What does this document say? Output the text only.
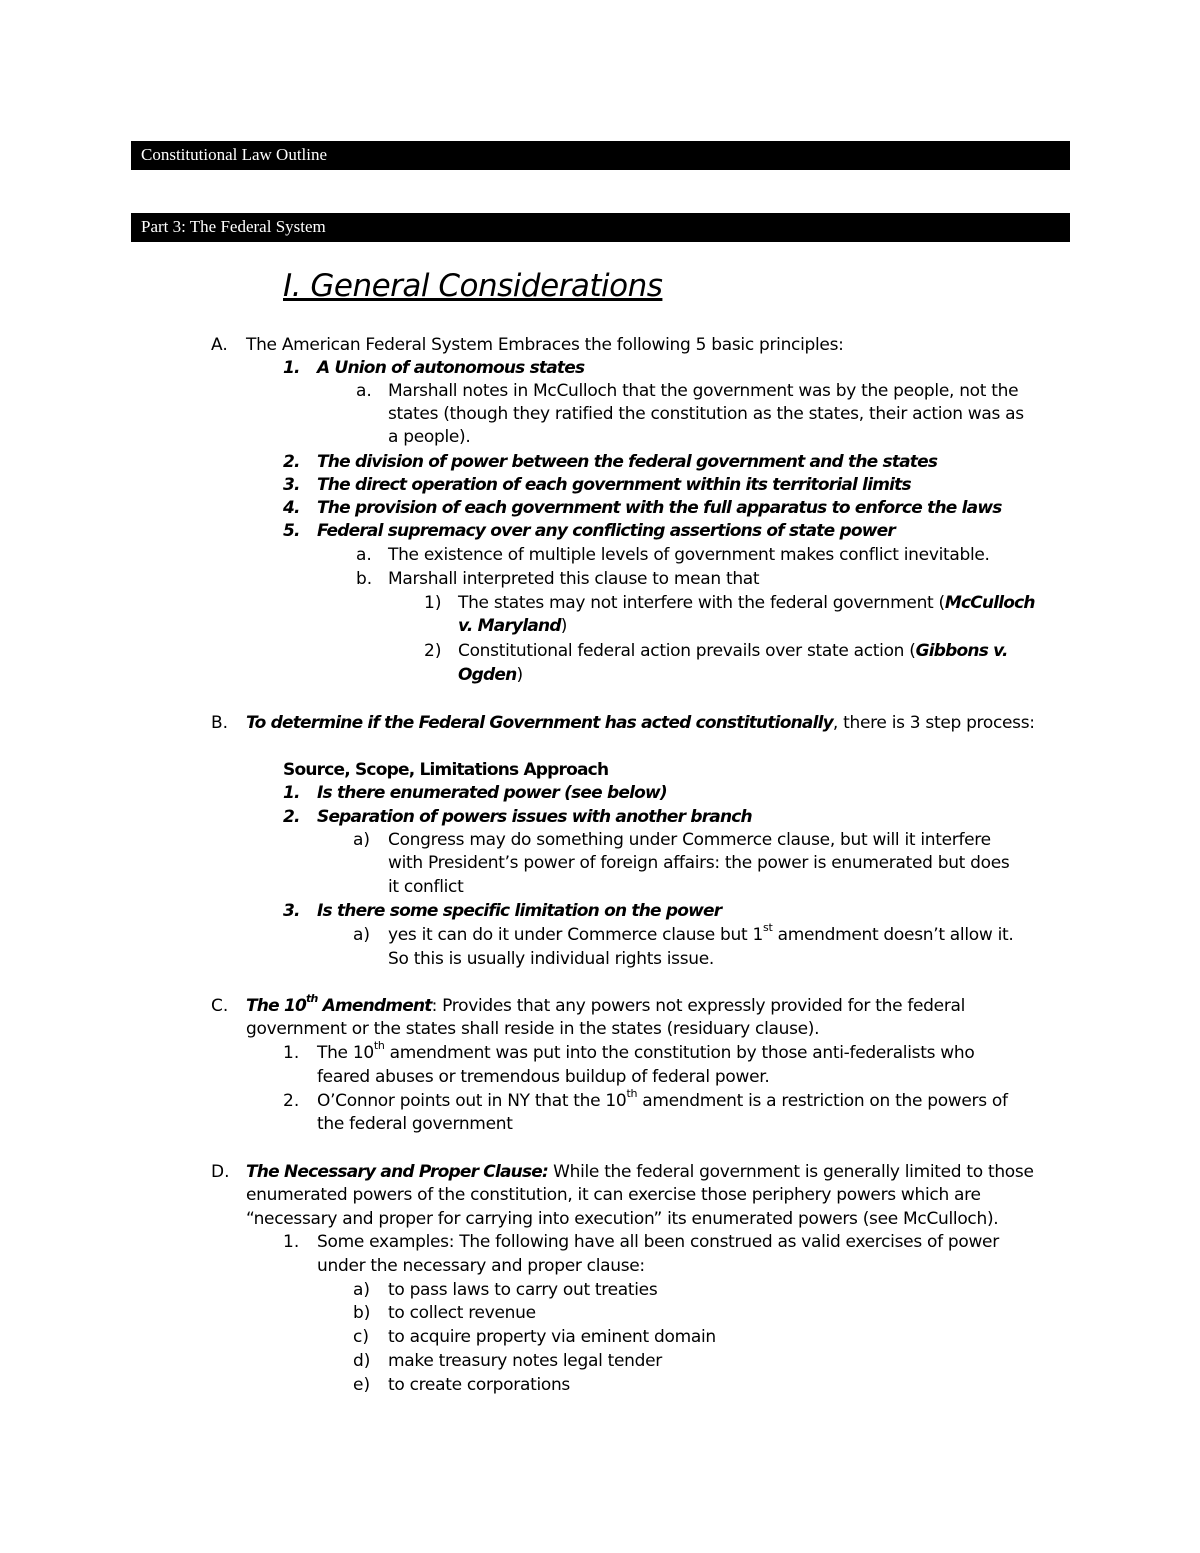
Constitutional Law Outline
Part 3: The Federal System
I. General Considerations
A. The American Federal System Embraces the following 5 basic principles:
1. A Union of autonomous states
a. Marshall notes in McCulloch that the government was by the people, not the
states (though they ratified the constitution as the states, their action was as
a people).
2. The division of power between the federal government and the states
3. The direct operation of each government within its territorial limits
4. The provision of each government with the full apparatus to enforce the laws
5. Federal supremacy over any conflicting assertions of state power
a. The existence of multiple levels of government makes conflict inevitable.
b. Marshall interpreted this clause to mean that
1) The states may not interfere with the federal government (McCulloch
v. Maryland)
2) Constitutional federal action prevails over state action (Gibbons v.
Ogden)
B. To determine if the Federal Government has acted constitutionally, there is 3 step process:
Source, Scope, Limitations Approach
1. Is there enumerated power (see below)
2. Separation of powers issues with another branch
a) Congress may do something under Commerce clause, but will it interfere
with President’s power of foreign affairs: the power is enumerated but does
it conflict
3. Is there some specific limitation on the power
a) yes it can do it under Commerce clause but 1st amendment doesn’t allow it.
So this is usually individual rights issue.
C. The 10th Amendment: Provides that any powers not expressly provided for the federal
government or the states shall reside in the states (residuary clause).
1. The 10th amendment was put into the constitution by those anti-federalists who
feared abuses or tremendous buildup of federal power.
2. O’Connor points out in NY that the 10th amendment is a restriction on the powers of
the federal government
D. The Necessary and Proper Clause: While the federal government is generally limited to those
enumerated powers of the constitution, it can exercise those periphery powers which are
“necessary and proper for carrying into execution” its enumerated powers (see McCulloch).
1. Some examples: The following have all been construed as valid exercises of power
under the necessary and proper clause:
a) to pass laws to carry out treaties
b) to collect revenue
c) to acquire property via eminent domain
d) make treasury notes legal tender
e) to create corporations
